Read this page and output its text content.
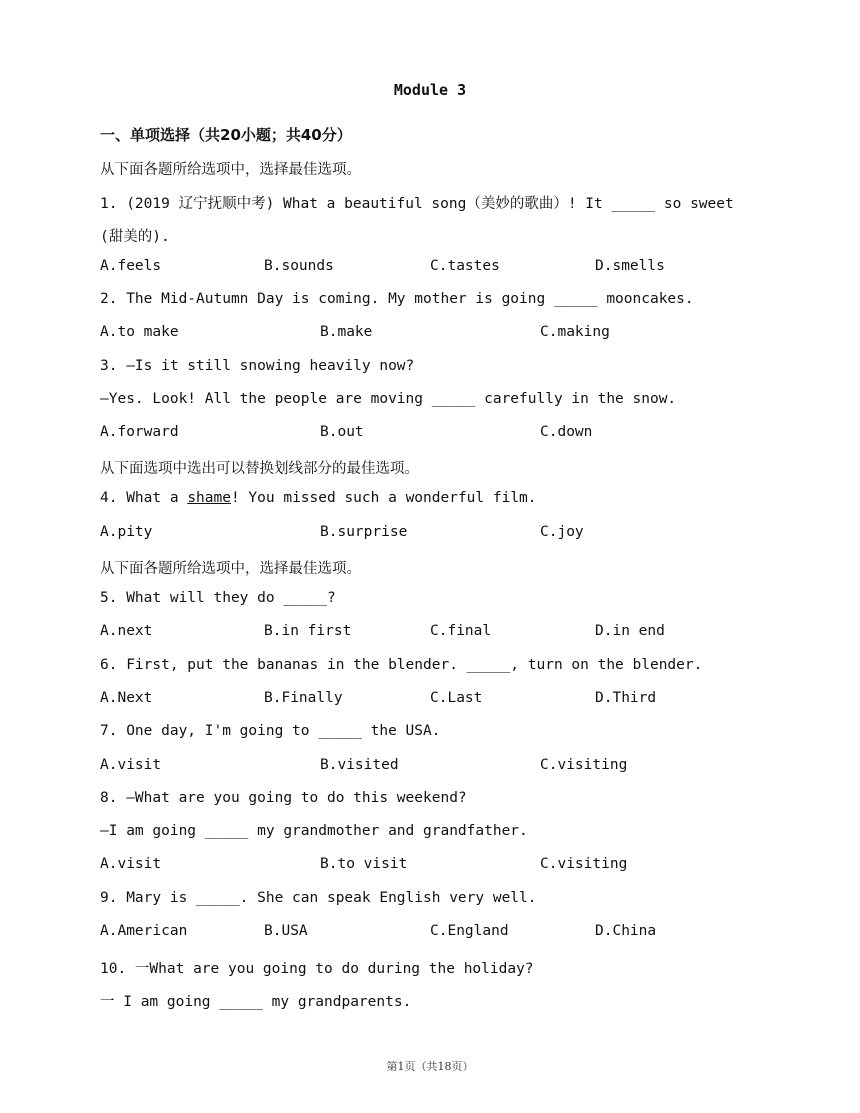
Module 3
一、单项选择（共20小题；共40分）
从下面各题所给选项中，选择最佳选项。
1. (2019 辽宁抚顺中考) What a beautiful song（美妙的歌曲）! It _____ so sweet
(甜美的).
A.feels	B.sounds	C.tastes	D.smells
2. The Mid-Autumn Day is coming. My mother is going _____ mooncakes.
A.to make	B.make	C.making
3. —Is it still snowing heavily now?
—Yes. Look! All the people are moving _____ carefully in the snow.
A.forward	B.out	C.down
从下面选项中选出可以替换划线部分的最佳选项。
4. What a shame! You missed such a wonderful film.
A.pity	B.surprise	C.joy
从下面各题所给选项中，选择最佳选项。
5. What will they do _____?
A.next	B.in first	C.final	D.in end
6. First, put the bananas in the blender. _____, turn on the blender.
A.Next	B.Finally	C.Last	D.Third
7. One day, I'm going to _____ the USA.
A.visit	B.visited	C.visiting
8. —What are you going to do this weekend?
—I am going _____ my grandmother and grandfather.
A.visit	B.to visit	C.visiting
9. Mary is _____. She can speak English very well.
A.American	B.USA	C.England	D.China
10. 一What are you going to do during the holiday?
一 I am going _____ my grandparents.
第1页（共18页）
